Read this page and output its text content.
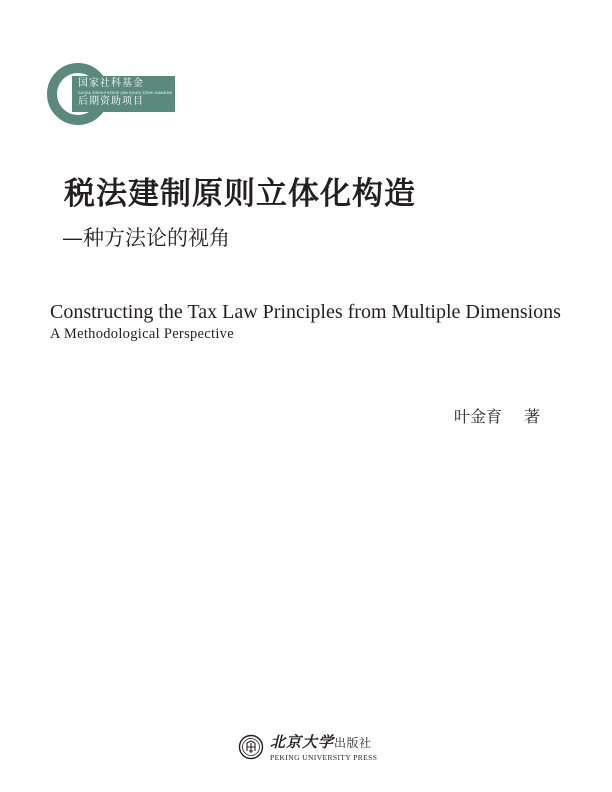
国家社科基金
GUOJIA SHEHUI KEXUE JIJIN HOUQI ZIZHU XIANGMU
后期资助项目
税法建制原则立体化构造
—种方法论的视角
Constructing the Tax Law Principles from Multiple Dimensions
A Methodological Perspective
叶金育 著
北京大学出版社
PEKING UNIVERSITY PRESS
